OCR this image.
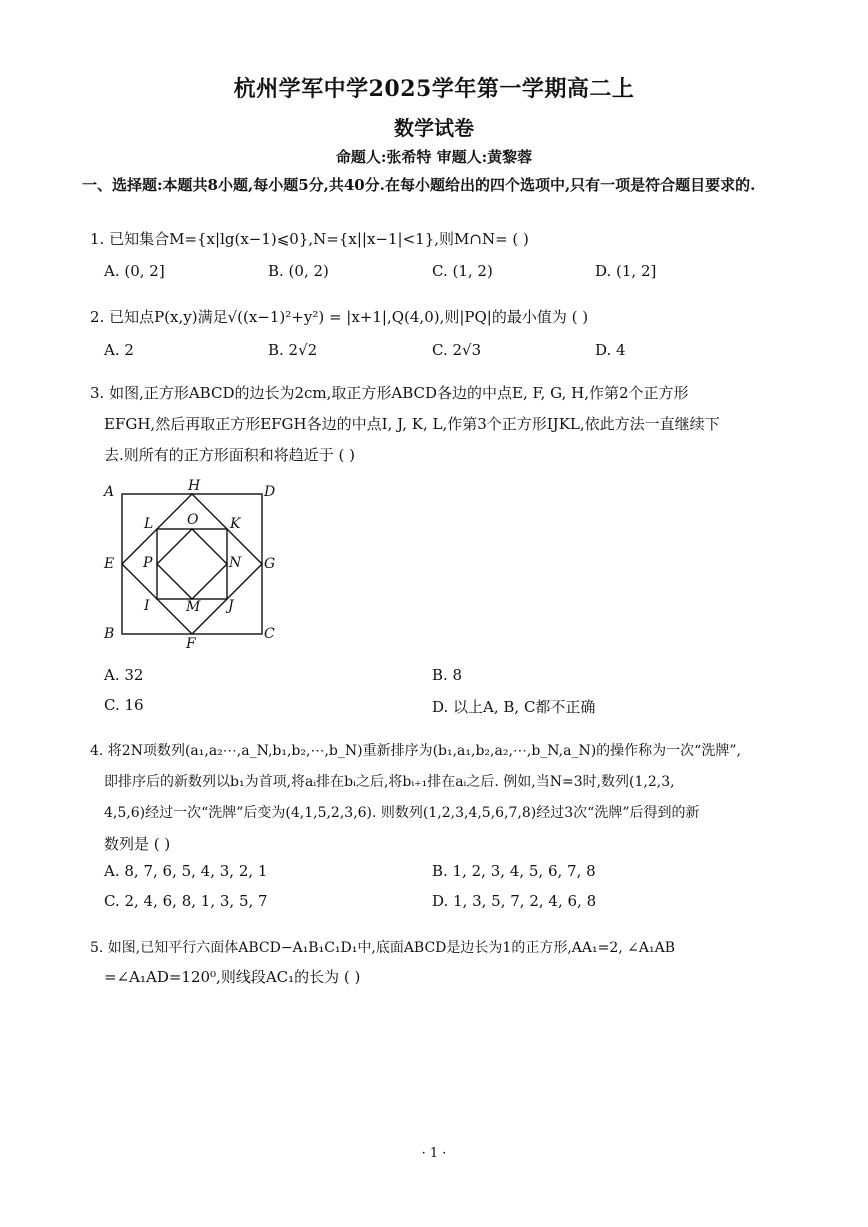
杭州学军中学2025学年第一学期高二上
数学试卷
命题人:张希特 审题人:黄黎蓉
一、选择题:本题共8小题,每小题5分,共40分.在每小题给出的四个选项中,只有一项是符合题目要求的.
1. 已知集合M={x|lg(x−1)⩽0},N={x||x−1|<1},则M∩N= ( )
A. (0, 2]	B. (0, 2)	C. (1, 2)	D. (1, 2]
2. 已知点P(x,y)满足√((x−1)²+y²) = |x+1|,Q(4,0),则|PQ|的最小值为 ( )
A. 2	B. 2√2	C. 2√3	D. 4
3. 如图,正方形ABCD的边长为2cm,取正方形ABCD各边的中点E, F, G, H,作第2个正方形
EFGH,然后再取正方形EFGH各边的中点I, J, K, L,作第3个正方形IJKL,依此方法一直继续下
去.则所有的正方形面积和将趋近于 ( )
A
B	C
D
E
F
G
H
I	J
K
L
M
N
O
P
A. 32	B. 8
C. 16	D. 以上A, B, C都不正确
4. 将2N项数列(a₁,a₂⋯,a_N,b₁,b₂,⋯,b_N)重新排序为(b₁,a₁,b₂,a₂,⋯,b_N,a_N)的操作称为一次“洗牌”,
即排序后的新数列以b₁为首项,将aᵢ排在bᵢ之后,将bᵢ₊₁排在aᵢ之后. 例如,当N=3时,数列(1,2,3,
4,5,6)经过一次“洗牌”后变为(4,1,5,2,3,6). 则数列(1,2,3,4,5,6,7,8)经过3次“洗牌”后得到的新
数列是 ( )
A. 8, 7, 6, 5, 4, 3, 2, 1	B. 1, 2, 3, 4, 5, 6, 7, 8
C. 2, 4, 6, 8, 1, 3, 5, 7	D. 1, 3, 5, 7, 2, 4, 6, 8
5. 如图,已知平行六面体ABCD−A₁B₁C₁D₁中,底面ABCD是边长为1的正方形,AA₁=2, ∠A₁AB
=∠A₁AD=120⁰,则线段AC₁的长为 ( )
· 1 ·
